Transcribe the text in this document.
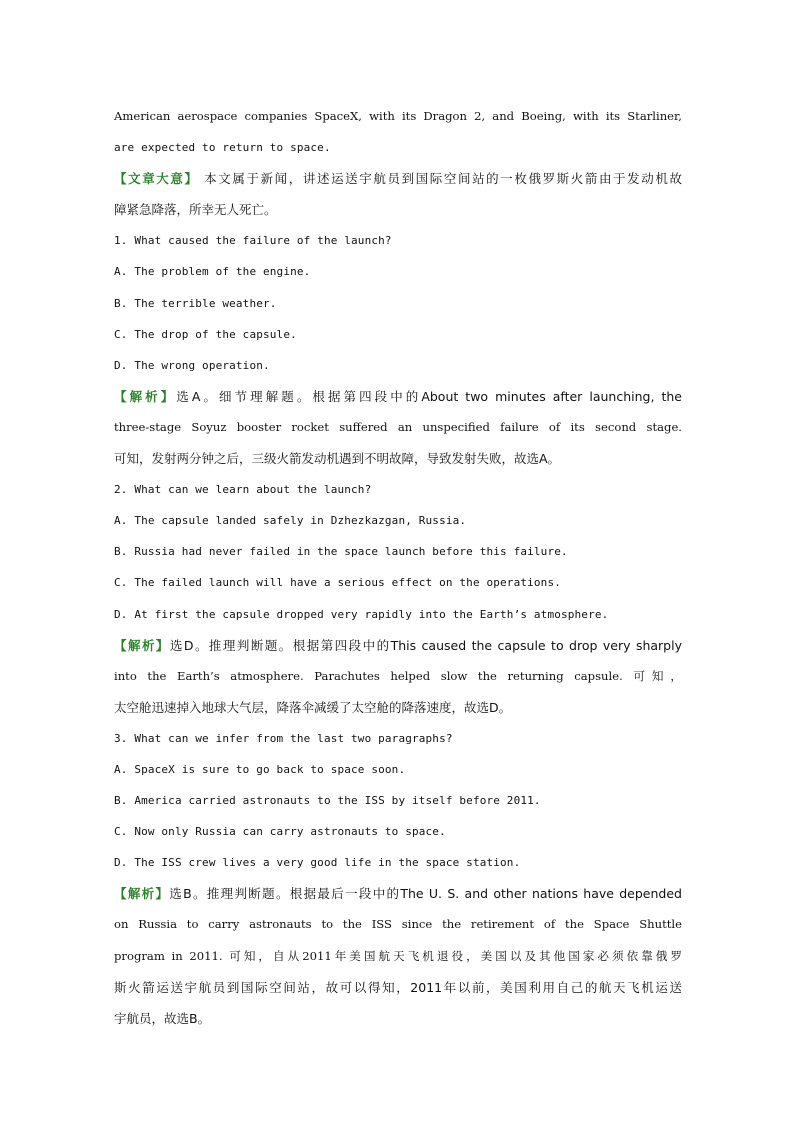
American aerospace companies SpaceX, with its Dragon 2, and Boeing, with its Starliner,
are expected to return to space.
【文章大意】 本文属于新闻，讲述运送宇航员到国际空间站的一枚俄罗斯火箭由于发动机故
障紧急降落，所幸无人死亡。
1. What caused the failure of the launch?
A. The problem of the engine.
B. The terrible weather.
C. The drop of the capsule.
D. The wrong operation.
【解析】选A。细节理解题。根据第四段中的About two minutes after launching, the
three-stage Soyuz booster rocket suffered an unspecified failure of its second stage.
可知，发射两分钟之后，三级火箭发动机遇到不明故障，导致发射失败，故选A。
2. What can we learn about the launch?
A. The capsule landed safely in Dzhezkazgan, Russia.
B. Russia had never failed in the space launch before this failure.
C. The failed launch will have a serious effect on the operations.
D. At first the capsule dropped very rapidly into the Earth’s atmosphere.
【解析】选D。推理判断题。根据第四段中的This caused the capsule to drop very sharply
into the Earth’s atmosphere. Parachutes helped slow the returning capsule. 可知，
太空舱迅速掉入地球大气层，降落伞减缓了太空舱的降落速度，故选D。
3. What can we infer from the last two paragraphs?
A. SpaceX is sure to go back to space soon.
B. America carried astronauts to the ISS by itself before 2011.
C. Now only Russia can carry astronauts to space.
D. The ISS crew lives a very good life in the space station.
【解析】选B。推理判断题。根据最后一段中的The U. S. and other nations have depended
on Russia to carry astronauts to the ISS since the retirement of the Space Shuttle
program in 2011. 可知，自从2011年美国航天飞机退役，美国以及其他国家必须依靠俄罗
斯火箭运送宇航员到国际空间站，故可以得知，2011年以前，美国利用自己的航天飞机运送
宇航员，故选B。
